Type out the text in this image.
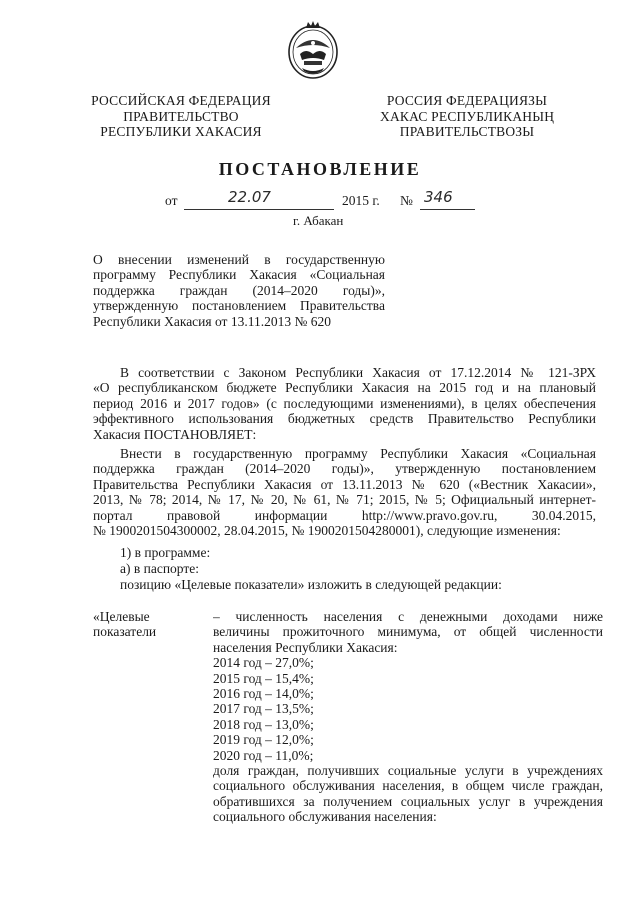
РОССИЙСКАЯ ФЕДЕРАЦИЯ
ПРАВИТЕЛЬСТВО
РЕСПУБЛИКИ ХАКАСИЯ
РОССИЯ ФЕДЕРАЦИЯЗЫ
ХАКАС РЕСПУБЛИКАНЫҢ
ПРАВИТЕЛЬСТВОЗЫ
ПОСТАНОВЛЕНИЕ
от	22.07	2015 г. № 346
г. Абакан
О внесении изменений в государственную
программу Республики Хакасия «Социальная
поддержка граждан (2014–2020 годы)»,
утвержденную постановлением Правительства
Республики Хакасия от 13.11.2013 № 620
В соответствии с Законом Республики Хакасия от 17.12.2014 № 121-ЗРХ
«О республиканском бюджете Республики Хакасия на 2015 год и на плановый
период 2016 и 2017 годов» (с последующими изменениями), в целях обеспечения
эффективного использования бюджетных средств Правительство Республики
Хакасия ПОСТАНОВЛЯЕТ:
Внести в государственную программу Республики Хакасия «Социальная
поддержка граждан (2014–2020 годы)», утвержденную постановлением
Правительства Республики Хакасия от 13.11.2013 № 620 («Вестник Хакасии»,
2013, № 78; 2014, № 17, № 20, № 61, № 71; 2015, № 5; Официальный интернет-
портал правовой информации http://www.pravo.gov.ru, 30.04.2015,
№ 1900201504300002, 28.04.2015, № 1900201504280001), следующие изменения:
1) в программе:
а) в паспорте:
позицию «Целевые показатели» изложить в следующей редакции:
«Целевые
показатели
– численность населения с денежными доходами ниже
величины прожиточного минимума, от общей численности
населения Республики Хакасия:
2014 год – 27,0%;
2015 год – 15,4%;
2016 год – 14,0%;
2017 год – 13,5%;
2018 год – 13,0%;
2019 год – 12,0%;
2020 год – 11,0%;
доля граждан, получивших социальные услуги в учреждениях
социального обслуживания населения, в общем числе граждан,
обратившихся за получением социальных услуг в учреждения
социального обслуживания населения:
